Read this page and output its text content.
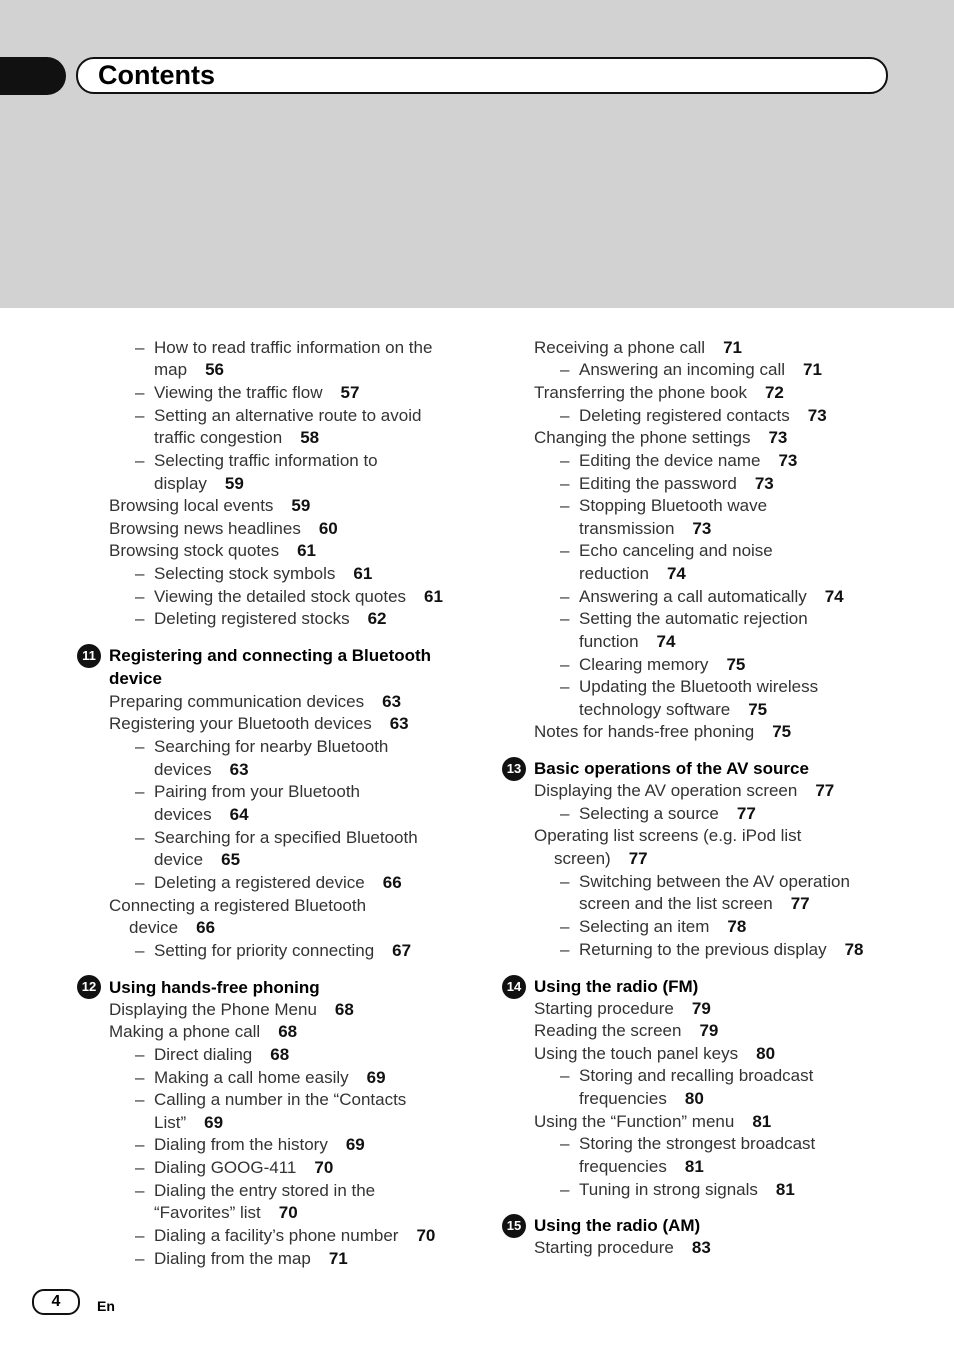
Contents
– How to read traffic information on the
map 56
– Viewing the traffic flow 57
– Setting an alternative route to avoid
traffic congestion 58
– Selecting traffic information to
display 59
Browsing local events 59
Browsing news headlines 60
Browsing stock quotes 61
– Selecting stock symbols 61
– Viewing the detailed stock quotes 61
– Deleting registered stocks 62
Preparing communication devices 63
Registering your Bluetooth devices 63
– Searching for nearby Bluetooth
devices 63
– Pairing from your Bluetooth
devices 64
– Searching for a specified Bluetooth
device 65
– Deleting a registered device 66
Connecting a registered Bluetooth
device 66
– Setting for priority connecting 67
Displaying the Phone Menu 68
Making a phone call 68
– Direct dialing 68
– Making a call home easily 69
– Calling a number in the “Contacts
List” 69
– Dialing from the history 69
– Dialing GOOG-411 70
– Dialing the entry stored in the
“Favorites” list 70
– Dialing a facility’s phone number 70
– Dialing from the map 71
Receiving a phone call 71
– Answering an incoming call 71
Transferring the phone book 72
– Deleting registered contacts 73
Changing the phone settings 73
– Editing the device name 73
– Editing the password 73
– Stopping Bluetooth wave
transmission 73
– Echo canceling and noise
reduction 74
– Answering a call automatically 74
– Setting the automatic rejection
function 74
– Clearing memory 75
– Updating the Bluetooth wireless
technology software 75
Notes for hands-free phoning 75
Displaying the AV operation screen 77
– Selecting a source 77
Operating list screens (e.g. iPod list
screen) 77
– Switching between the AV operation
screen and the list screen 77
– Selecting an item 78
– Returning to the previous display 78
Starting procedure 79
Reading the screen 79
Using the touch panel keys 80
– Storing and recalling broadcast
frequencies 80
Using the “Function” menu 81
– Storing the strongest broadcast
frequencies 81
– Tuning in strong signals 81
Starting procedure 83
11 Registering and connecting a Bluetooth
device
12 Using hands-free phoning
13 Basic operations of the AV source
14 Using the radio (FM)
15 Using the radio (AM)
4	En
